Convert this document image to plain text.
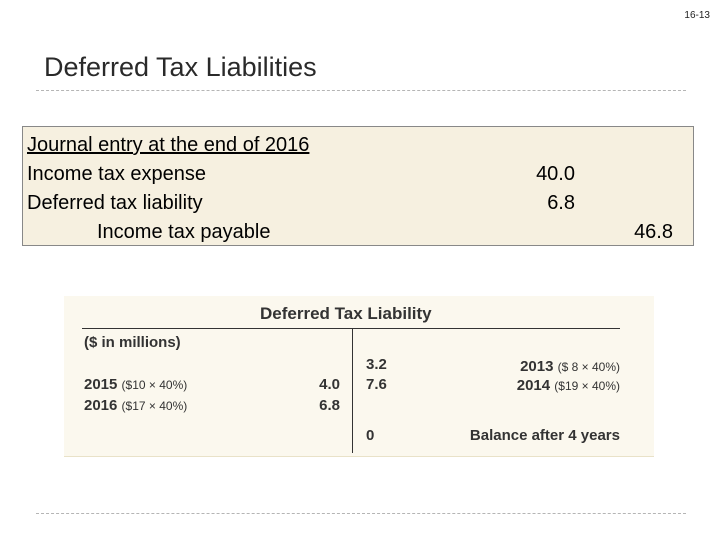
16-13
Deferred Tax Liabilities
Journal entry at the end of 2016
Income tax expense
Deferred tax liability
Income tax payable
40.0
6.8
46.8
Deferred Tax Liability
($ in millions)
2015 ($10 × 40%)
2016 ($17 × 40%)
4.0
6.8
3.2
7.6
2013 ($ 8 × 40%)
2014 ($19 × 40%)
0	Balance after 4 years
